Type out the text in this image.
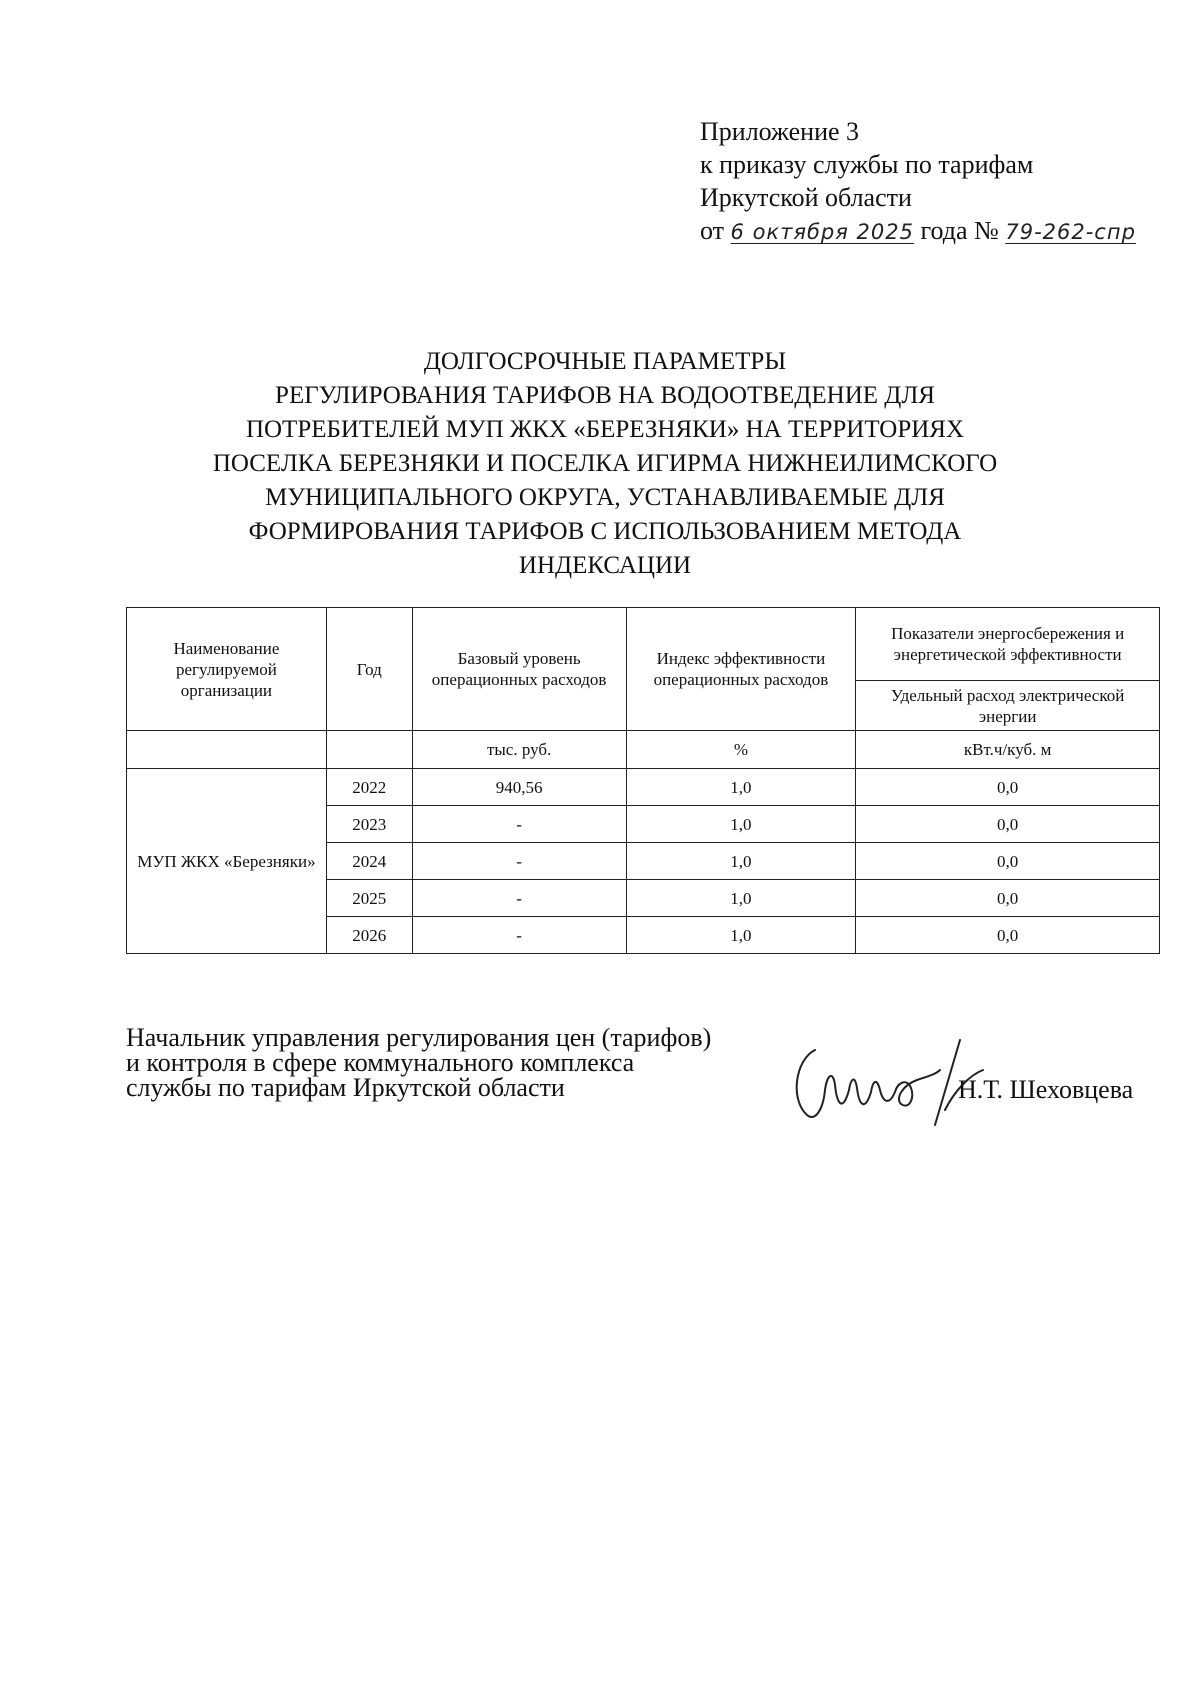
Приложение 3
к приказу службы по тарифам
Иркутской области
от 6 октября 2025 года № 79-262-спр
ДОЛГОСРОЧНЫЕ ПАРАМЕТРЫ
РЕГУЛИРОВАНИЯ ТАРИФОВ НА ВОДООТВЕДЕНИЕ ДЛЯ
ПОТРЕБИТЕЛЕЙ МУП ЖКХ «БЕРЕЗНЯКИ» НА ТЕРРИТОРИЯХ
ПОСЕЛКА БЕРЕЗНЯКИ И ПОСЕЛКА ИГИРМА НИЖНЕИЛИМСКОГО
МУНИЦИПАЛЬНОГО ОКРУГА, УСТАНАВЛИВАЕМЫЕ ДЛЯ
ФОРМИРОВАНИЯ ТАРИФОВ С ИСПОЛЬЗОВАНИЕМ МЕТОДА
ИНДЕКСАЦИИ
Наименование регулируемой организации	Год	Базовый уровень операционных расходов	Индекс эффективности операционных расходов	Показатели энергосбережения и энергетической эффективности
				Удельный расход электрической энергии
		тыс. руб.	%	кВт.ч/куб. м
МУП ЖКХ «Березняки»	2022	940,56	1,0	0,0
	2023	-	1,0	0,0
	2024	-	1,0	0,0
	2025	-	1,0	0,0
	2026	-	1,0	0,0
Начальник управления регулирования цен (тарифов)
и контроля в сфере коммунального комплекса
службы по тарифам Иркутской области	Н.Т. Шеховцева
